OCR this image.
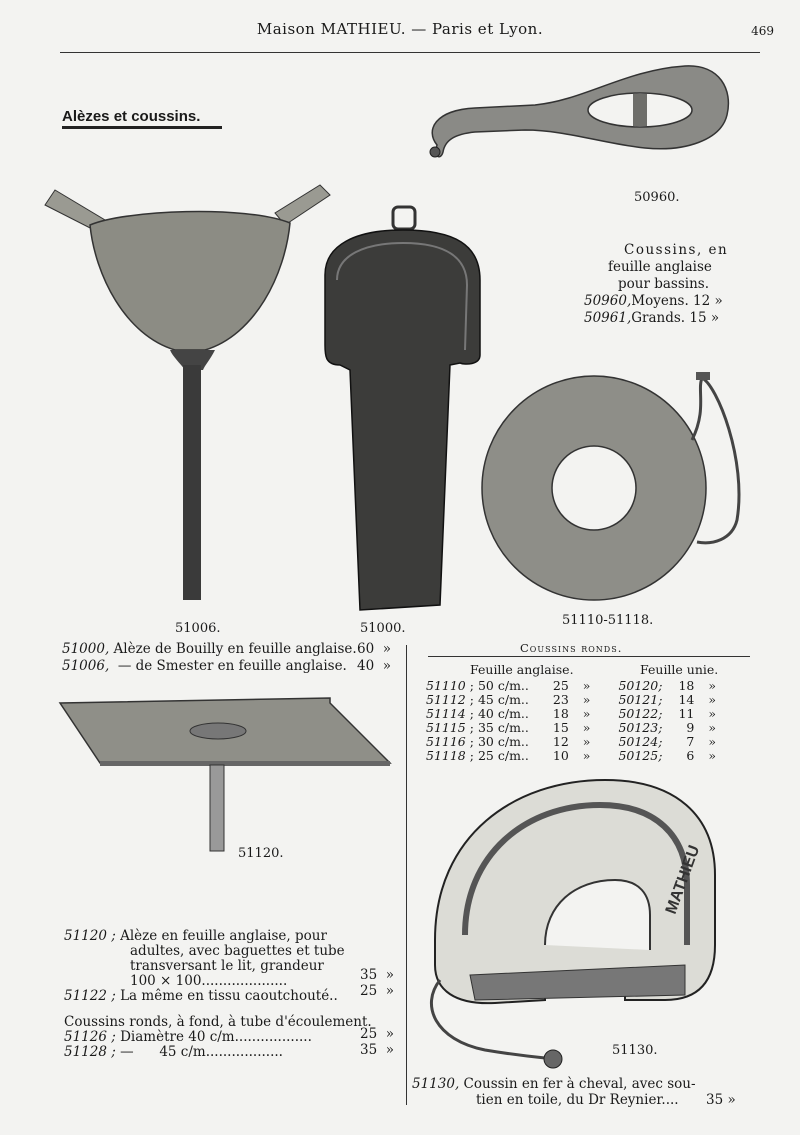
Maison MATHIEU. — Paris et Lyon.	469
Alèzes et coussins.
50960.
Coussins, en
feuille anglaise
pour bassins.
50960,Moyens. 12 »
50961,Grands. 15 »
51006.	51000.
51110-51118.
51000, Alèze de Bouilly en feuille anglaise. 60 »
51006, — de Smester en feuille anglaise. 40 »
Coussins ronds.
Feuille anglaise.	Feuille unie.
51110	;	50 c/m..	25	»	50120;	18	»
51112	;	45 c/m..	23	»	50121;	14	»
51114	;	40 c/m..	18	»	50122;	11	»
51115	;	35 c/m..	15	»	50123;	9	»
51116	;	30 c/m..	12	»	50124;	7	»
51118	;	25 c/m..	10	»	50125;	6	»
51120.
51120 ; Alèze en feuille anglaise, pour
adultes, avec baguettes et tube
transversant le lit, grandeur
100 × 100....................	35 »
51122 ; La même en tissu caoutchouté.. 25 »
Coussins ronds, à fond, à tube d'écoulement.
51126 ; Diamètre 40 c/m..................	25 »
51128 ; —      45 c/m..................	35 »
MATHIEU
51130.
51130, Coussin en fer à cheval, avec sou-
tien en toile, du Dr Reynier.... 35 »
